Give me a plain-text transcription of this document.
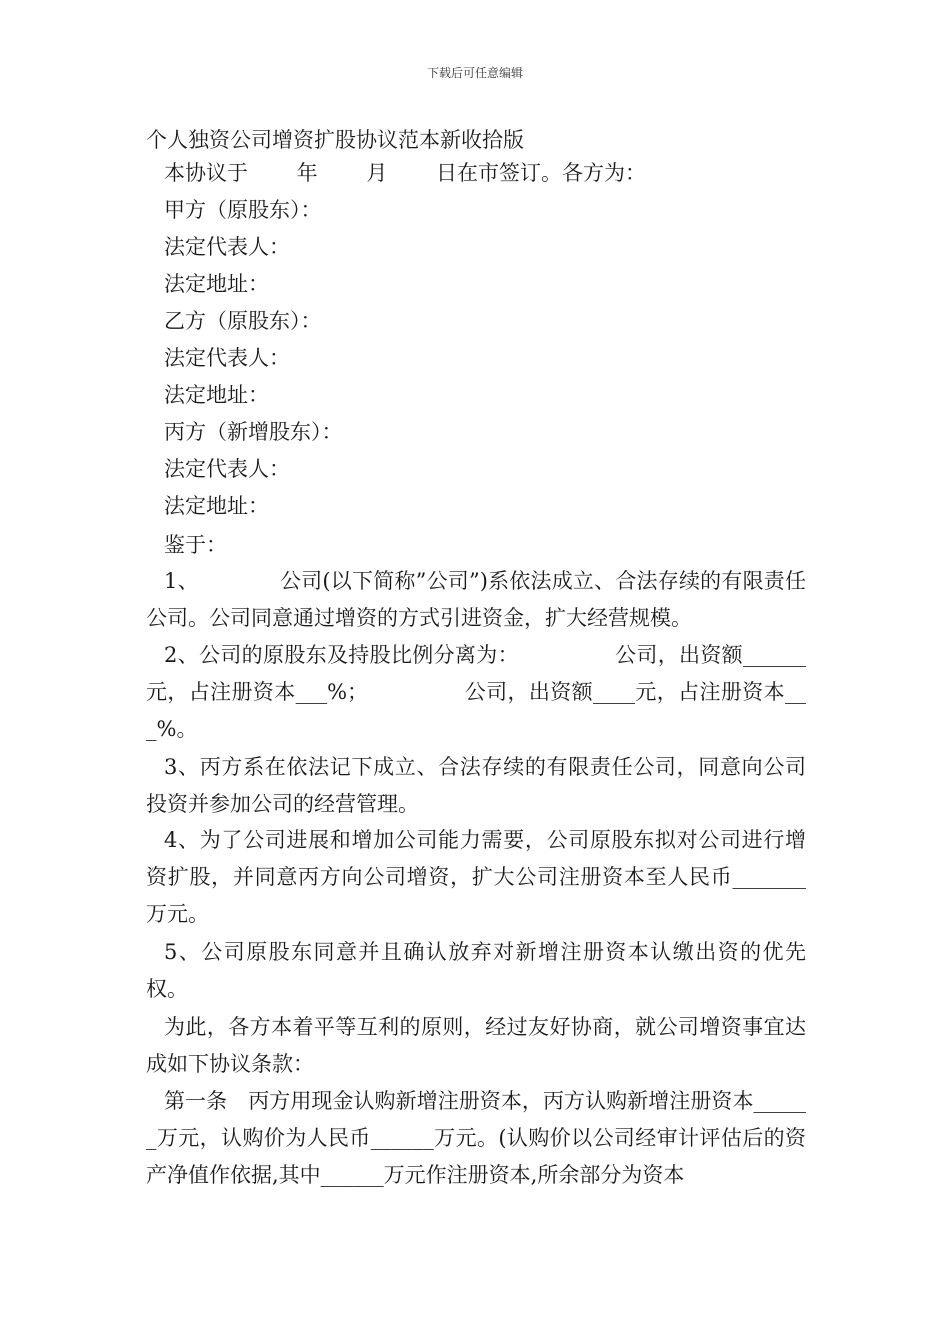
下载后可任意编辑
个人独资公司增资扩股协议范本新收拾版
本协议于　　 年　　 月　　 日在市签订。各方为：
甲方（原股东）：
法定代表人：
法定地址：
乙方（原股东）：
法定代表人：
法定地址：
丙方（新增股东）：
法定代表人：
法定地址：
鉴于：
1、　　　　 公司(以下简称”公司”)系依法成立、合法存续的有限责任公司。公司同意通过增资的方式引进资金，扩大经营规模。
2、公司的原股东及持股比例分离为：　　　　　公司，出资额______元，占注册资本___%；　　　　　公司，出资额____元，占注册资本___%。
3、丙方系在依法记下成立、合法存续的有限责任公司，同意向公司投资并参加公司的经营管理。
4、为了公司进展和增加公司能力需要，公司原股东拟对公司进行增资扩股，并同意丙方向公司增资，扩大公司注册资本至人民币_______万元。
5、公司原股东同意并且确认放弃对新增注册资本认缴出资的优先权。
为此，各方本着平等互利的原则，经过友好协商，就公司增资事宜达成如下协议条款：
第一条　丙方用现金认购新增注册资本，丙方认购新增注册资本______万元，认购价为人民币______万元。(认购价以公司经审计评估后的资产净值作依据,其中______万元作注册资本,所余部分为资本
